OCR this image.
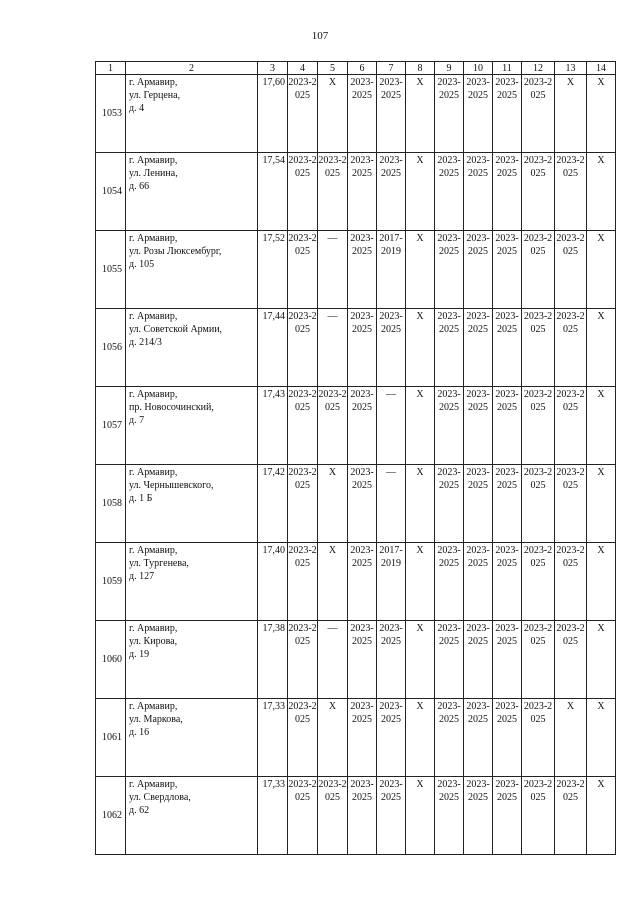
107
1	2	3	4	5	6	7	8	9	10	11	12	13	14
1053	г. Армавир,
ул. Герцена,
д. 4	17,60	2023-2025	Х	2023-2025	2023-2025	Х	2023-2025	2023-2025	2023-2025	2023-2025	Х	Х
1054	г. Армавир,
ул. Ленина,
д. 66	17,54	2023-2025	2023-2025	2023-2025	2023-2025	Х	2023-2025	2023-2025	2023-2025	2023-2025	2023-2025	Х
1055	г. Армавир,
ул. Розы Люксембург,
д. 105	17,52	2023-2025	—	2023-2025	2017-2019	Х	2023-2025	2023-2025	2023-2025	2023-2025	2023-2025	Х
1056	г. Армавир,
ул. Советской Армии,
д. 214/3	17,44	2023-2025	—	2023-2025	2023-2025	Х	2023-2025	2023-2025	2023-2025	2023-2025	2023-2025	Х
1057	г. Армавир,
пр. Новосочинский,
д. 7	17,43	2023-2025	2023-2025	2023-2025	—	Х	2023-2025	2023-2025	2023-2025	2023-2025	2023-2025	Х
1058	г. Армавир,
ул. Чернышевского,
д. 1 Б	17,42	2023-2025	Х	2023-2025	—	Х	2023-2025	2023-2025	2023-2025	2023-2025	2023-2025	Х
1059	г. Армавир,
ул. Тургенева,
д. 127	17,40	2023-2025	Х	2023-2025	2017-2019	Х	2023-2025	2023-2025	2023-2025	2023-2025	2023-2025	Х
1060	г. Армавир,
ул. Кирова,
д. 19	17,38	2023-2025	—	2023-2025	2023-2025	Х	2023-2025	2023-2025	2023-2025	2023-2025	2023-2025	Х
1061	г. Армавир,
ул. Маркова,
д. 16	17,33	2023-2025	Х	2023-2025	2023-2025	Х	2023-2025	2023-2025	2023-2025	2023-2025	Х	Х
1062	г. Армавир,
ул. Свердлова,
д. 62	17,33	2023-2025	2023-2025	2023-2025	2023-2025	Х	2023-2025	2023-2025	2023-2025	2023-2025	2023-2025	Х
